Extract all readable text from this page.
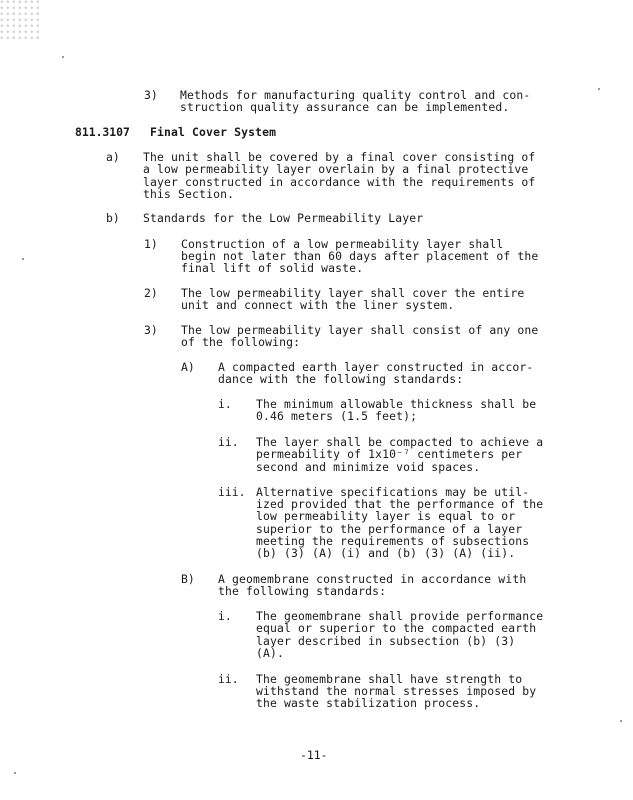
3) Methods for manufacturing quality control and con-
struction quality assurance can be implemented.
811.3107 Final Cover System
a) The unit shall be covered by a final cover consisting of
a low permeability layer overlain by a final protective
layer constructed in accordance with the requirements of
this Section.
b) Standards for the Low Permeability Layer
1) Construction of a low permeability layer shall
begin not later than 60 days after placement of the
final lift of solid waste.
2) The low permeability layer shall cover the entire
unit and connect with the liner system.
3) The low permeability layer shall consist of any one
of the following:
A) A compacted earth layer constructed in accor-
dance with the following standards:
i. The minimum allowable thickness shall be
0.46 meters (1.5 feet);
ii. The layer shall be compacted to achieve a
permeability of 1x10⁻⁷ centimeters per
second and minimize void spaces.
iii. Alternative specifications may be util-
ized provided that the performance of the
low permeability layer is equal to or
superior to the performance of a layer
meeting the requirements of subsections
(b) (3) (A) (i) and (b) (3) (A) (ii).
B) A geomembrane constructed in accordance with
the following standards:
i. The geomembrane shall provide performance
equal or superior to the compacted earth
layer described in subsection (b) (3)
(A).
ii. The geomembrane shall have strength to
withstand the normal stresses imposed by
the waste stabilization process.
-11-
